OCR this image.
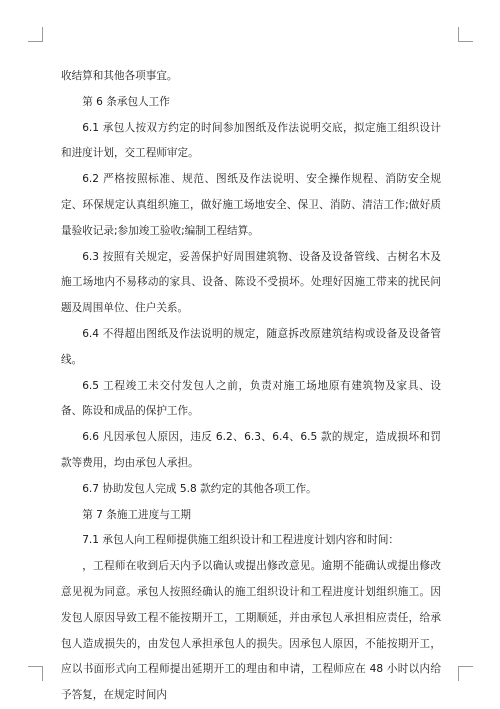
收结算和其他各项事宜。

第 6 条承包人工作

6.1 承包人按双方约定的时间参加图纸及作法说明交底，拟定施工组织设计和进度计划，交工程师审定。

6.2 严格按照标准、规范、图纸及作法说明、安全操作规程、消防安全规定、环保规定认真组织施工，做好施工场地安全、保卫、消防、清洁工作;做好质量验收记录;参加竣工验收;编制工程结算。

6.3 按照有关规定，妥善保护好周围建筑物、设备及设备管线、古树名木及施工场地内不易移动的家具、设备、陈设不受损坏。处理好因施工带来的扰民问题及周围单位、住户关系。

6.4 不得超出图纸及作法说明的规定，随意拆改原建筑结构或设备及设备管线。

6.5 工程竣工未交付发包人之前，负责对施工场地原有建筑物及家具、设备、陈设和成品的保护工作。

6.6 凡因承包人原因，违反 6.2、6.3、6.4、6.5 款的规定，造成损坏和罚款等费用，均由承包人承担。

6.7 协助发包人完成 5.8 款约定的其他各项工作。

第 7 条施工进度与工期

7.1 承包人向工程师提供施工组织设计和工程进度计划内容和时间：

，工程师在收到后天内予以确认或提出修改意见。逾期不能确认或提出修改意见视为同意。承包人按照经确认的施工组织设计和工程进度计划组织施工。因发包人原因导致工程不能按期开工，工期顺延，并由承包人承担相应责任，给承包人造成损失的，由发包人承担承包人的损失。因承包人原因，不能按期开工，应以书面形式向工程师提出延期开工的理由和申请，工程师应在 48 小时以内给予答复，在规定时间内
